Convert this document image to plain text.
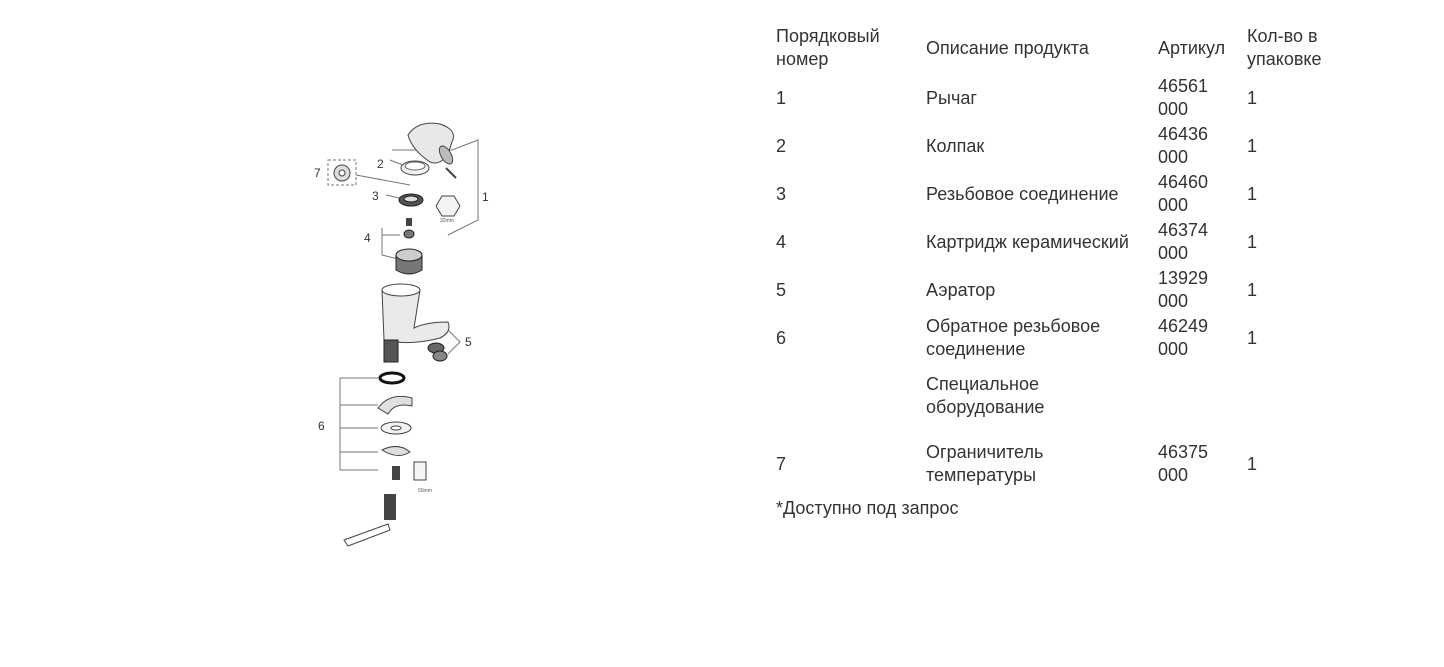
7
2
3	1
4
5
6
32mm
50mm
Порядковый номер	Описание продукта	Артикул	Кол-во в упаковке
1	Рычаг	46561 000	1
2	Колпак	46436 000	1
3	Резьбовое соединение	46460 000	1
4	Картридж керамический	46374 000	1
5	Аэратор	13929 000	1
6	Обратное резьбовое соединение	46249 000	1
	Специальное оборудование		
7	Ограничитель температуры	46375 000	1
*Доступно под запрос
